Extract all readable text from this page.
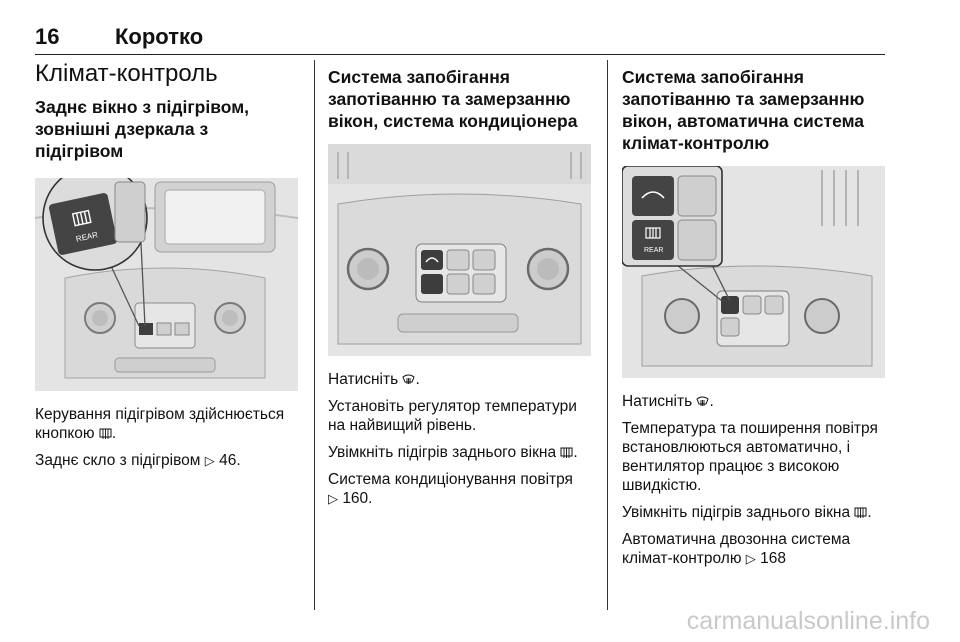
16	Коротко
Клімат-контроль
Заднє вікно з підігрівом, зовнішні дзеркала з підігрівом
REAR

Керування підігрівом здійснюється кнопкою .

Заднє скло з підігрівом ▷ 46.

Система запобігання запотіванню та замерзанню вікон, система кондиціонера

Натисніть .

Установіть регулятор температури на найвищий рівень.

Увімкніть підігрів заднього вікна .

Система кондиціонування повітря
▷ 160.

Система запобігання запотіванню та замерзанню вікон, автоматична система клімат-контролю
REAR

Натисніть .

Температура та поширення повітря встановлюються автоматично, і вентилятор працює з високою швидкістю.

Увімкніть підігрів заднього вікна .

Автоматична двозонна система клімат-контролю ▷ 168

carmanualsonline.info
